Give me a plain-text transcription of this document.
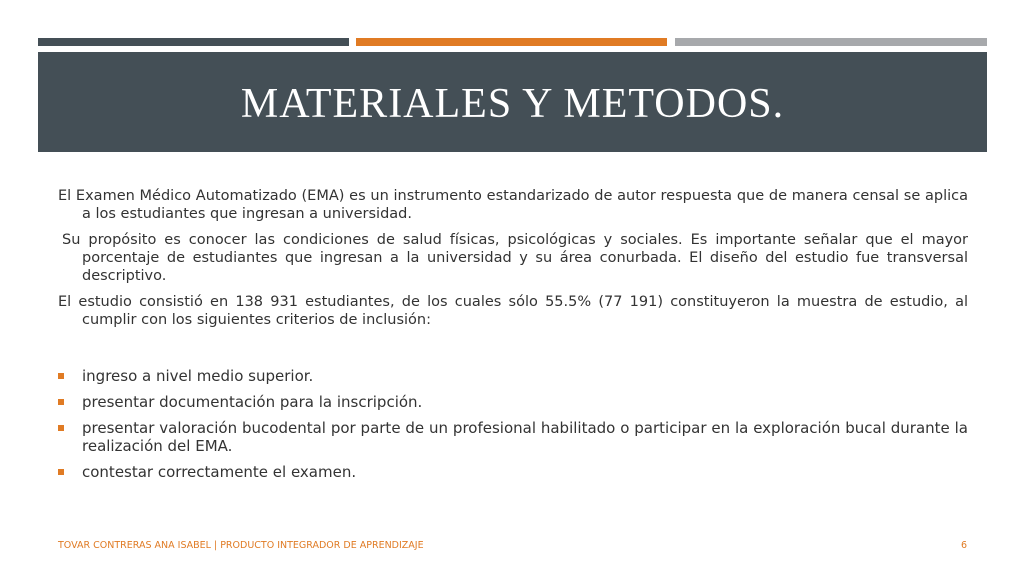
MATERIALES Y METODOS.

El Examen Médico Automatizado (EMA) es un instrumento estandarizado de autor respuesta que de manera censal se aplica a los estudiantes que ingresan a universidad.

Su propósito es conocer las condiciones de salud físicas, psicológicas y sociales. Es importante señalar que el mayor porcentaje de estudiantes que ingresan a la universidad y su área conurbada. El diseño del estudio fue transversal descriptivo.

El estudio consistió en 138 931 estudiantes, de los cuales sólo 55.5% (77 191) constituyeron la muestra de estudio, al cumplir con los siguientes criterios de inclusión:

ingreso a nivel medio superior.
presentar documentación para la inscripción.
presentar valoración bucodental por parte de un profesional habilitado o participar en la exploración bucal durante la realización del EMA.
contestar correctamente el examen.
TOVAR CONTRERAS ANA ISABEL | PRODUCTO INTEGRADOR DE APRENDIZAJE	6
